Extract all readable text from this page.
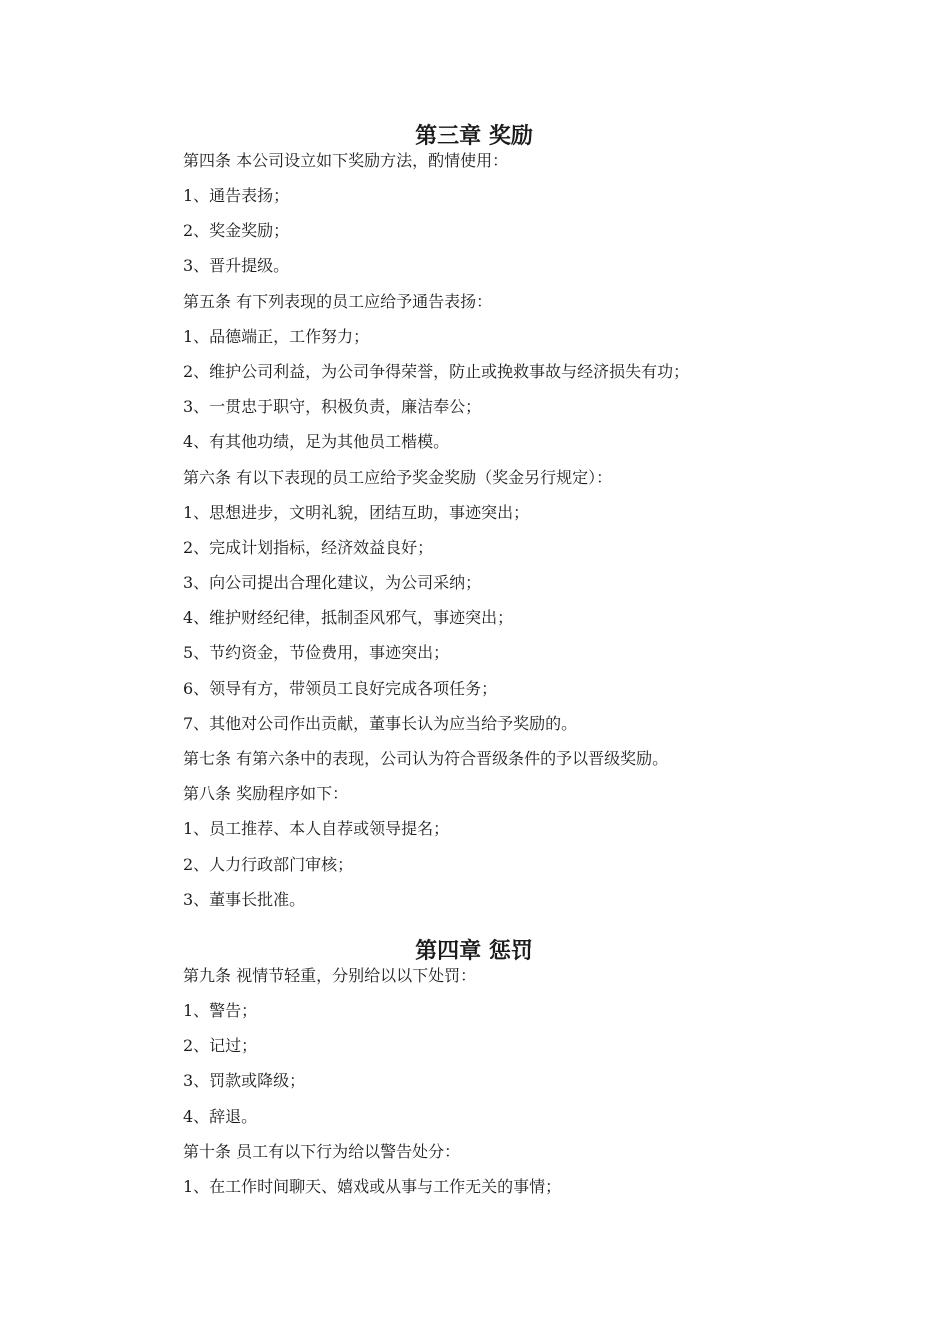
第三章 奖励

第四条 本公司设立如下奖励方法，酌情使用：

1、通告表扬；

2、奖金奖励；

3、晋升提级。

第五条 有下列表现的员工应给予通告表扬：

1、品德端正，工作努力；

2、维护公司利益，为公司争得荣誉，防止或挽救事故与经济损失有功；

3、一贯忠于职守，积极负责，廉洁奉公；

4、有其他功绩，足为其他员工楷模。

第六条 有以下表现的员工应给予奖金奖励（奖金另行规定）：

1、思想进步，文明礼貌，团结互助，事迹突出；

2、完成计划指标，经济效益良好；

3、向公司提出合理化建议，为公司采纳；

4、维护财经纪律，抵制歪风邪气，事迹突出；

5、节约资金，节俭费用，事迹突出；

6、领导有方，带领员工良好完成各项任务；

7、其他对公司作出贡献，董事长认为应当给予奖励的。

第七条 有第六条中的表现，公司认为符合晋级条件的予以晋级奖励。

第八条 奖励程序如下：

1、员工推荐、本人自荐或领导提名；

2、人力行政部门审核；

3、董事长批准。

第四章 惩罚

第九条 视情节轻重，分别给以以下处罚：

1、警告；

2、记过；

3、罚款或降级；

4、辞退。

第十条 员工有以下行为给以警告处分：

1、在工作时间聊天、嬉戏或从事与工作无关的事情；
